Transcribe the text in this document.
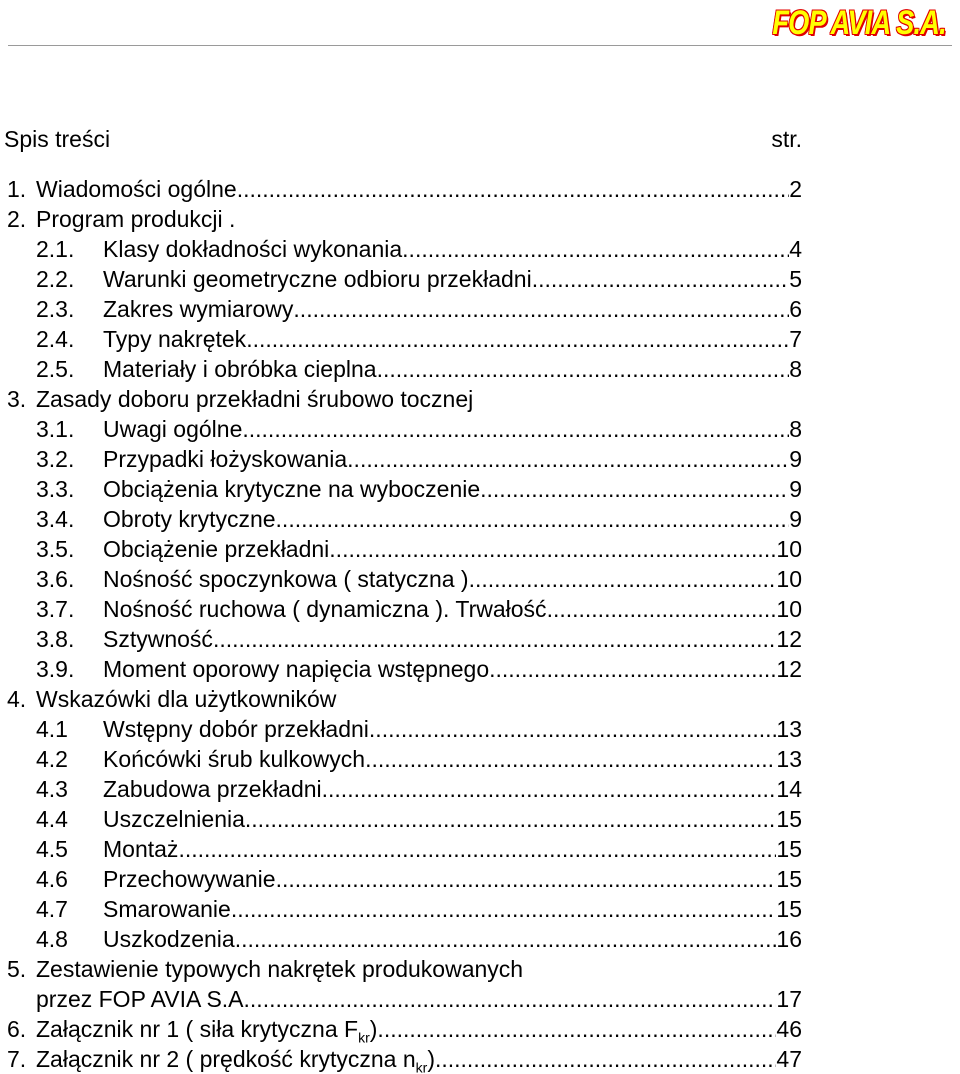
FOP AVIA S.A.
Spis treści	str.
1. Wiadomości ogólne .....	2
2. Program produkcji .
2.1. Klasy dokładności wykonania .....	4
2.2. Warunki geometryczne odbioru przekładni .....	5
2.3. Zakres wymiarowy .....	6
2.4. Typy nakrętek .....	7
2.5. Materiały i obróbka cieplna .....	8
3. Zasady doboru przekładni śrubowo tocznej
3.1. Uwagi ogólne .....	8
3.2. Przypadki łożyskowania .....	9
3.3. Obciążenia krytyczne na wyboczenie .....	9
3.4. Obroty krytyczne .....	9
3.5. Obciążenie przekładni .....	10
3.6. Nośność spoczynkowa ( statyczna ) .....	10
3.7. Nośność ruchowa ( dynamiczna ). Trwałość .....	10
3.8. Sztywność .....	12
3.9. Moment oporowy napięcia wstępnego .....	12
4. Wskazówki dla użytkowników
4.1 Wstępny dobór przekładni .....	13
4.2 Końcówki śrub kulkowych .....	13
4.3 Zabudowa przekładni .....	14
4.4 Uszczelnienia .....	15
4.5 Montaż .....	15
4.6 Przechowywanie .....	15
4.7 Smarowanie .....	15
4.8 Uszkodzenia .....	16
5. Zestawienie typowych nakrętek produkowanych
przez FOP AVIA S.A. .....	17
6. Załącznik nr 1 ( siła krytyczna $F_{kr}$). .....	46
7. Załącznik nr 2 ( prędkość krytyczna $n_{kr}$). .....	47
